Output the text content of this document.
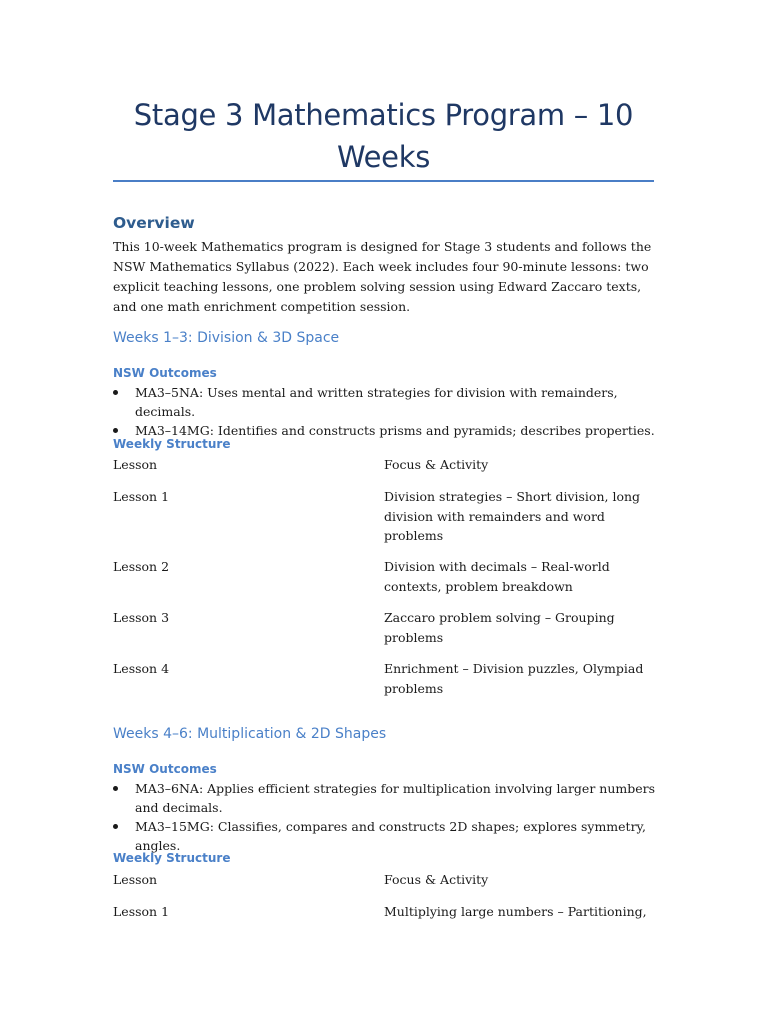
Stage 3 Mathematics Program – 10 Weeks
Overview
This 10-week Mathematics program is designed for Stage 3 students and follows the NSW Mathematics Syllabus (2022). Each week includes four 90-minute lessons: two explicit teaching lessons, one problem solving session using Edward Zaccaro texts, and one math enrichment competition session.
Weeks 1–3: Division & 3D Space
NSW Outcomes
MA3–5NA: Uses mental and written strategies for division with remainders, decimals.
MA3–14MG: Identifies and constructs prisms and pyramids; describes properties.
Weekly Structure
Lesson	Focus & Activity
Lesson 1	Division strategies – Short division, long division with remainders and word problems
Lesson 2	Division with decimals – Real-world contexts, problem breakdown
Lesson 3	Zaccaro problem solving – Grouping problems
Lesson 4	Enrichment – Division puzzles, Olympiad problems
Weeks 4–6: Multiplication & 2D Shapes
NSW Outcomes
MA3–6NA: Applies efficient strategies for multiplication involving larger numbers and decimals.
MA3–15MG: Classifies, compares and constructs 2D shapes; explores symmetry, angles.
Weekly Structure
Lesson	Focus & Activity
Lesson 1	Multiplying large numbers – Partitioning,
